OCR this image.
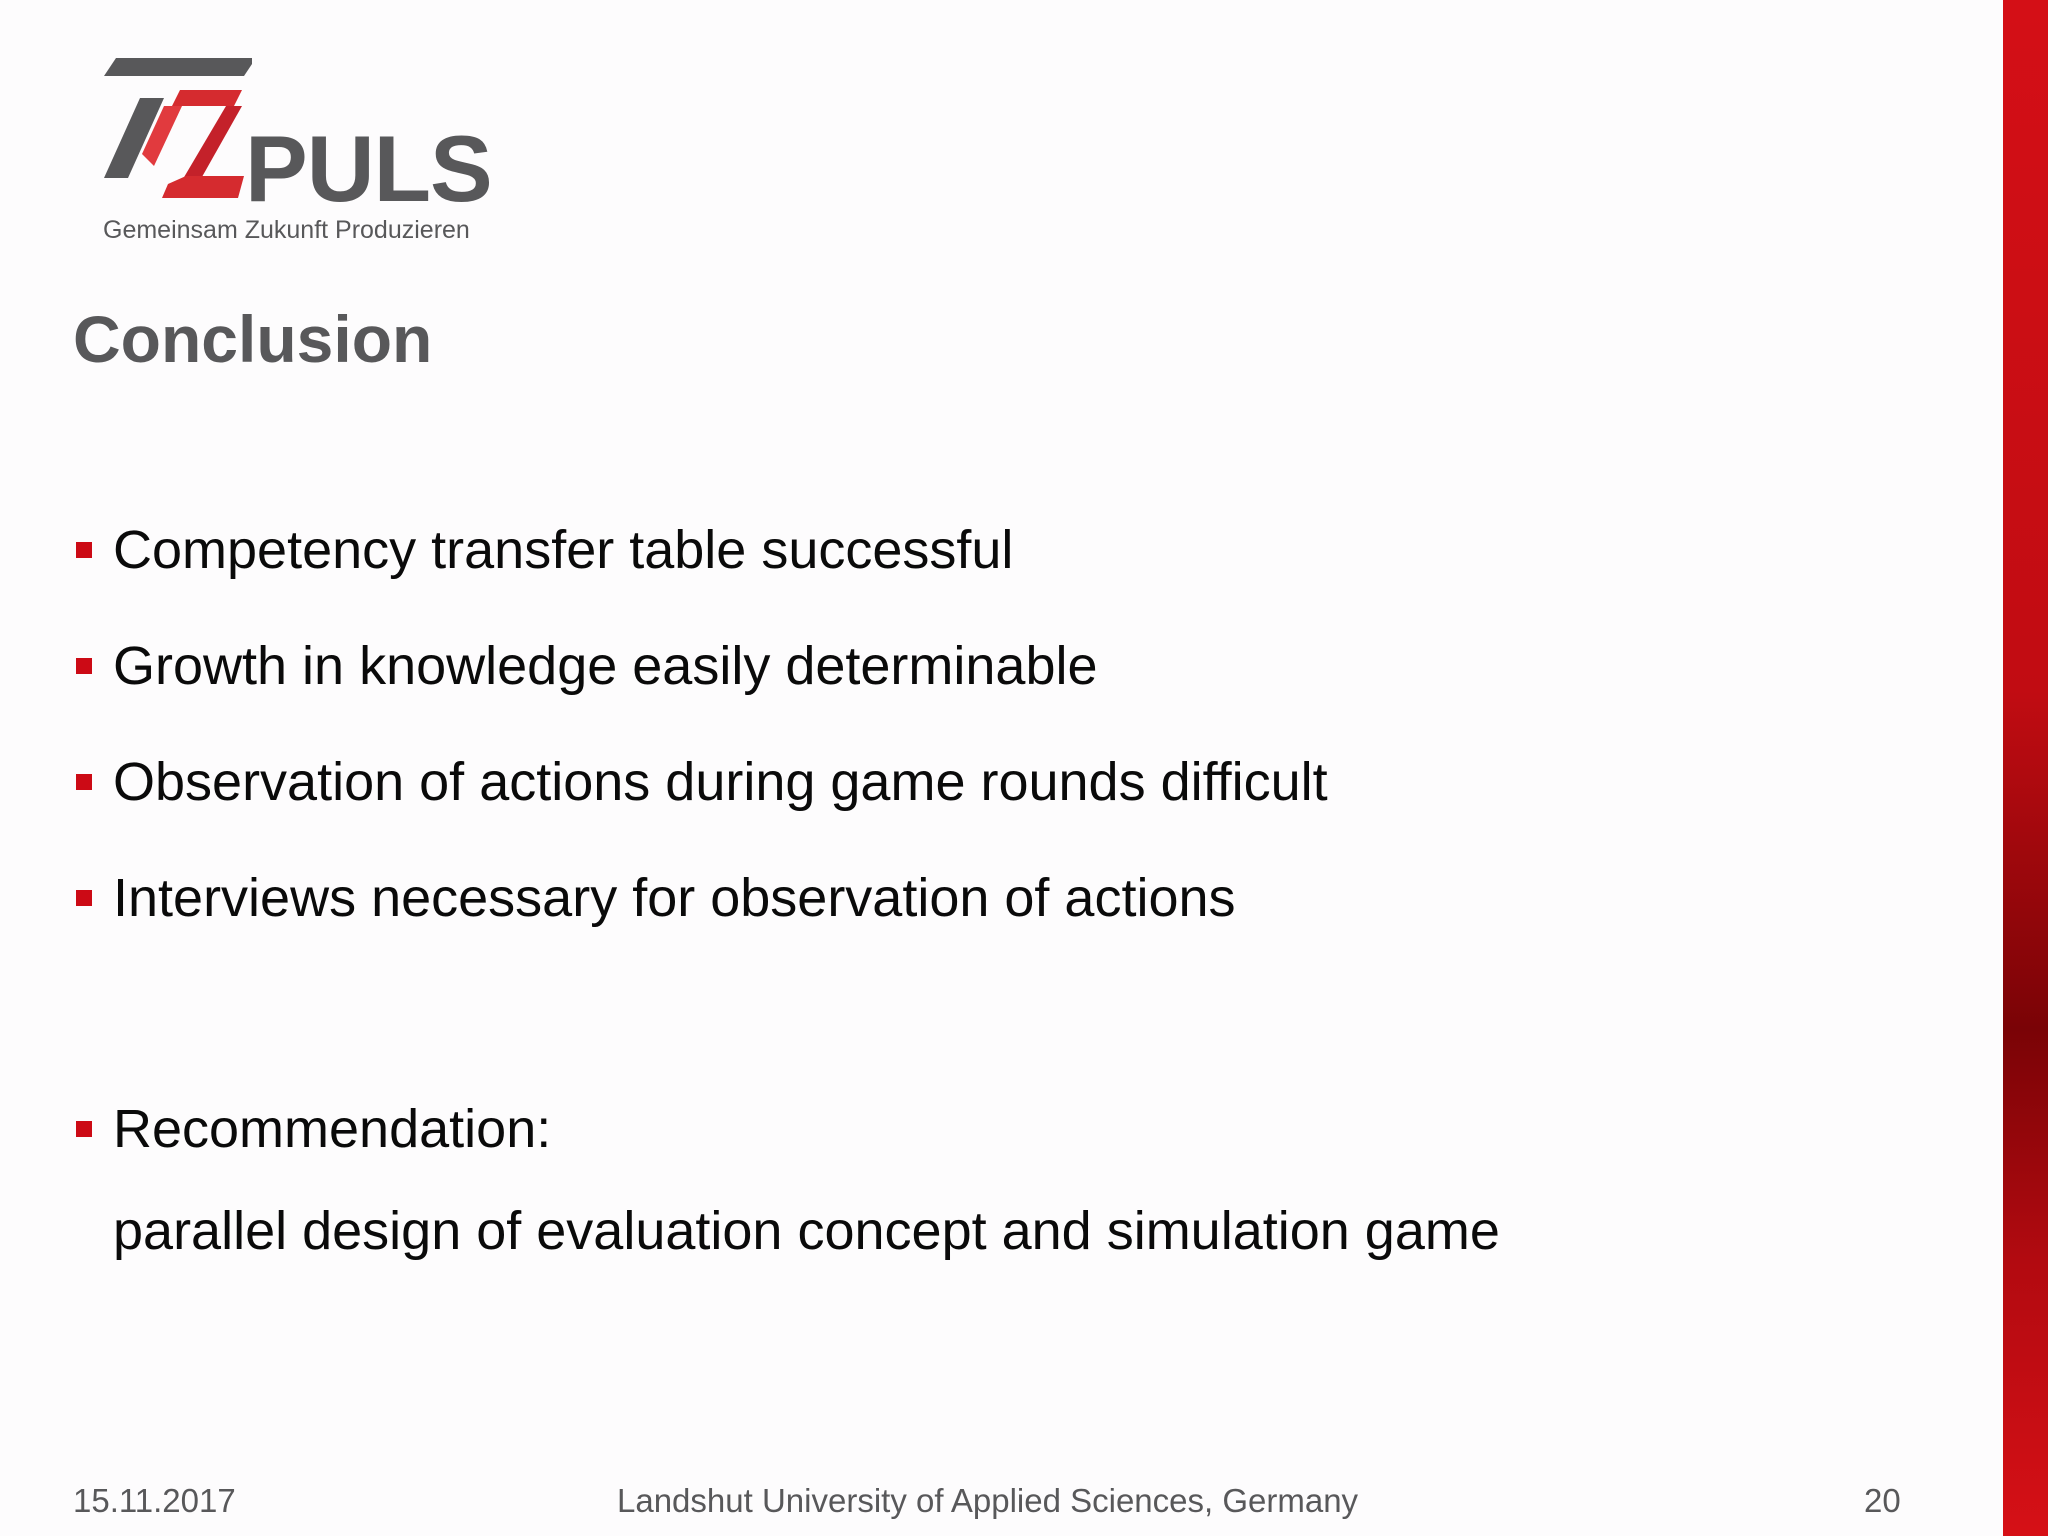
PULS
Gemeinsam Zukunft Produzieren
Conclusion
Competency transfer table successful
Growth in knowledge easily determinable
Observation of actions during game rounds difficult
Interviews necessary for observation of actions
Recommendation:
parallel design of evaluation concept and simulation game
15.11.2017	Landshut University of Applied Sciences, Germany	20
